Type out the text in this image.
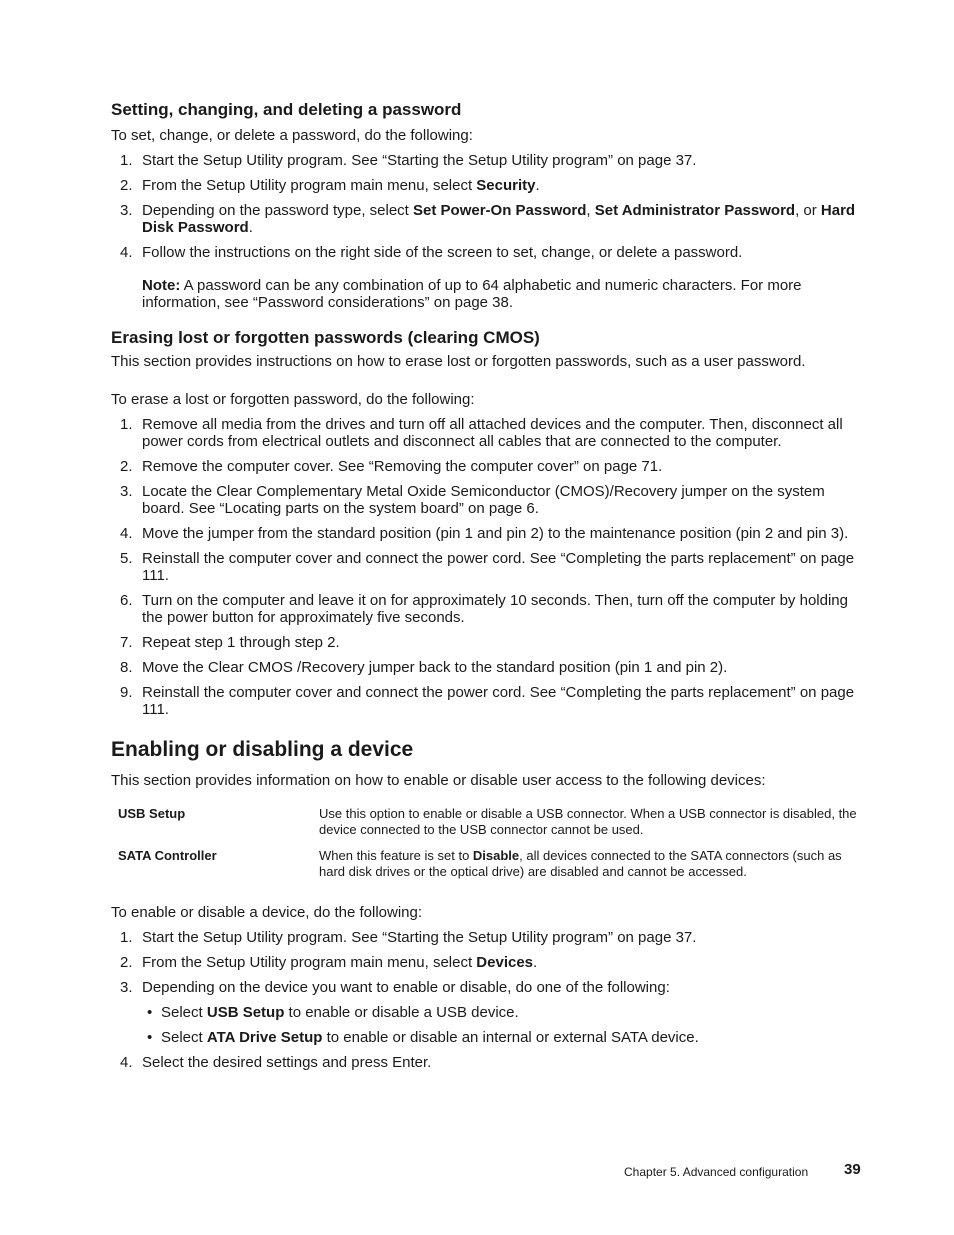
Setting, changing, and deleting a password

To set, change, or delete a password, do the following:

1. Start the Setup Utility program. See “Starting the Setup Utility program” on page 37.
2. From the Setup Utility program main menu, select Security.
3. Depending on the password type, select Set Power-On Password, Set Administrator Password, or Hard Disk Password.
4. Follow the instructions on the right side of the screen to set, change, or delete a password.

Note: A password can be any combination of up to 64 alphabetic and numeric characters. For more information, see “Password considerations” on page 38.

Erasing lost or forgotten passwords (clearing CMOS)

This section provides instructions on how to erase lost or forgotten passwords, such as a user password.

To erase a lost or forgotten password, do the following:

1. Remove all media from the drives and turn off all attached devices and the computer. Then, disconnect all power cords from electrical outlets and disconnect all cables that are connected to the computer.
2. Remove the computer cover. See “Removing the computer cover” on page 71.
3. Locate the Clear Complementary Metal Oxide Semiconductor (CMOS)/Recovery jumper on the system board. See “Locating parts on the system board” on page 6.
4. Move the jumper from the standard position (pin 1 and pin 2) to the maintenance position (pin 2 and pin 3).
5. Reinstall the computer cover and connect the power cord. See “Completing the parts replacement” on page 111.
6. Turn on the computer and leave it on for approximately 10 seconds. Then, turn off the computer by holding the power button for approximately five seconds.
7. Repeat step 1 through step 2.
8. Move the Clear CMOS /Recovery jumper back to the standard position (pin 1 and pin 2).
9. Reinstall the computer cover and connect the power cord. See “Completing the parts replacement” on page 111.
Enabling or disabling a device

This section provides information on how to enable or disable user access to the following devices:

USB Setup	Use this option to enable or disable a USB connector. When a USB connector is disabled, the device connected to the USB connector cannot be used.
SATA Controller	When this feature is set to Disable, all devices connected to the SATA connectors (such as hard disk drives or the optical drive) are disabled and cannot be accessed.

To enable or disable a device, do the following:

1. Start the Setup Utility program. See “Starting the Setup Utility program” on page 37.
2. From the Setup Utility program main menu, select Devices.
3. Depending on the device you want to enable or disable, do one of the following:
• Select USB Setup to enable or disable a USB device.
• Select ATA Drive Setup to enable or disable an internal or external SATA device.
4. Select the desired settings and press Enter.
Chapter 5. Advanced configuration 39
